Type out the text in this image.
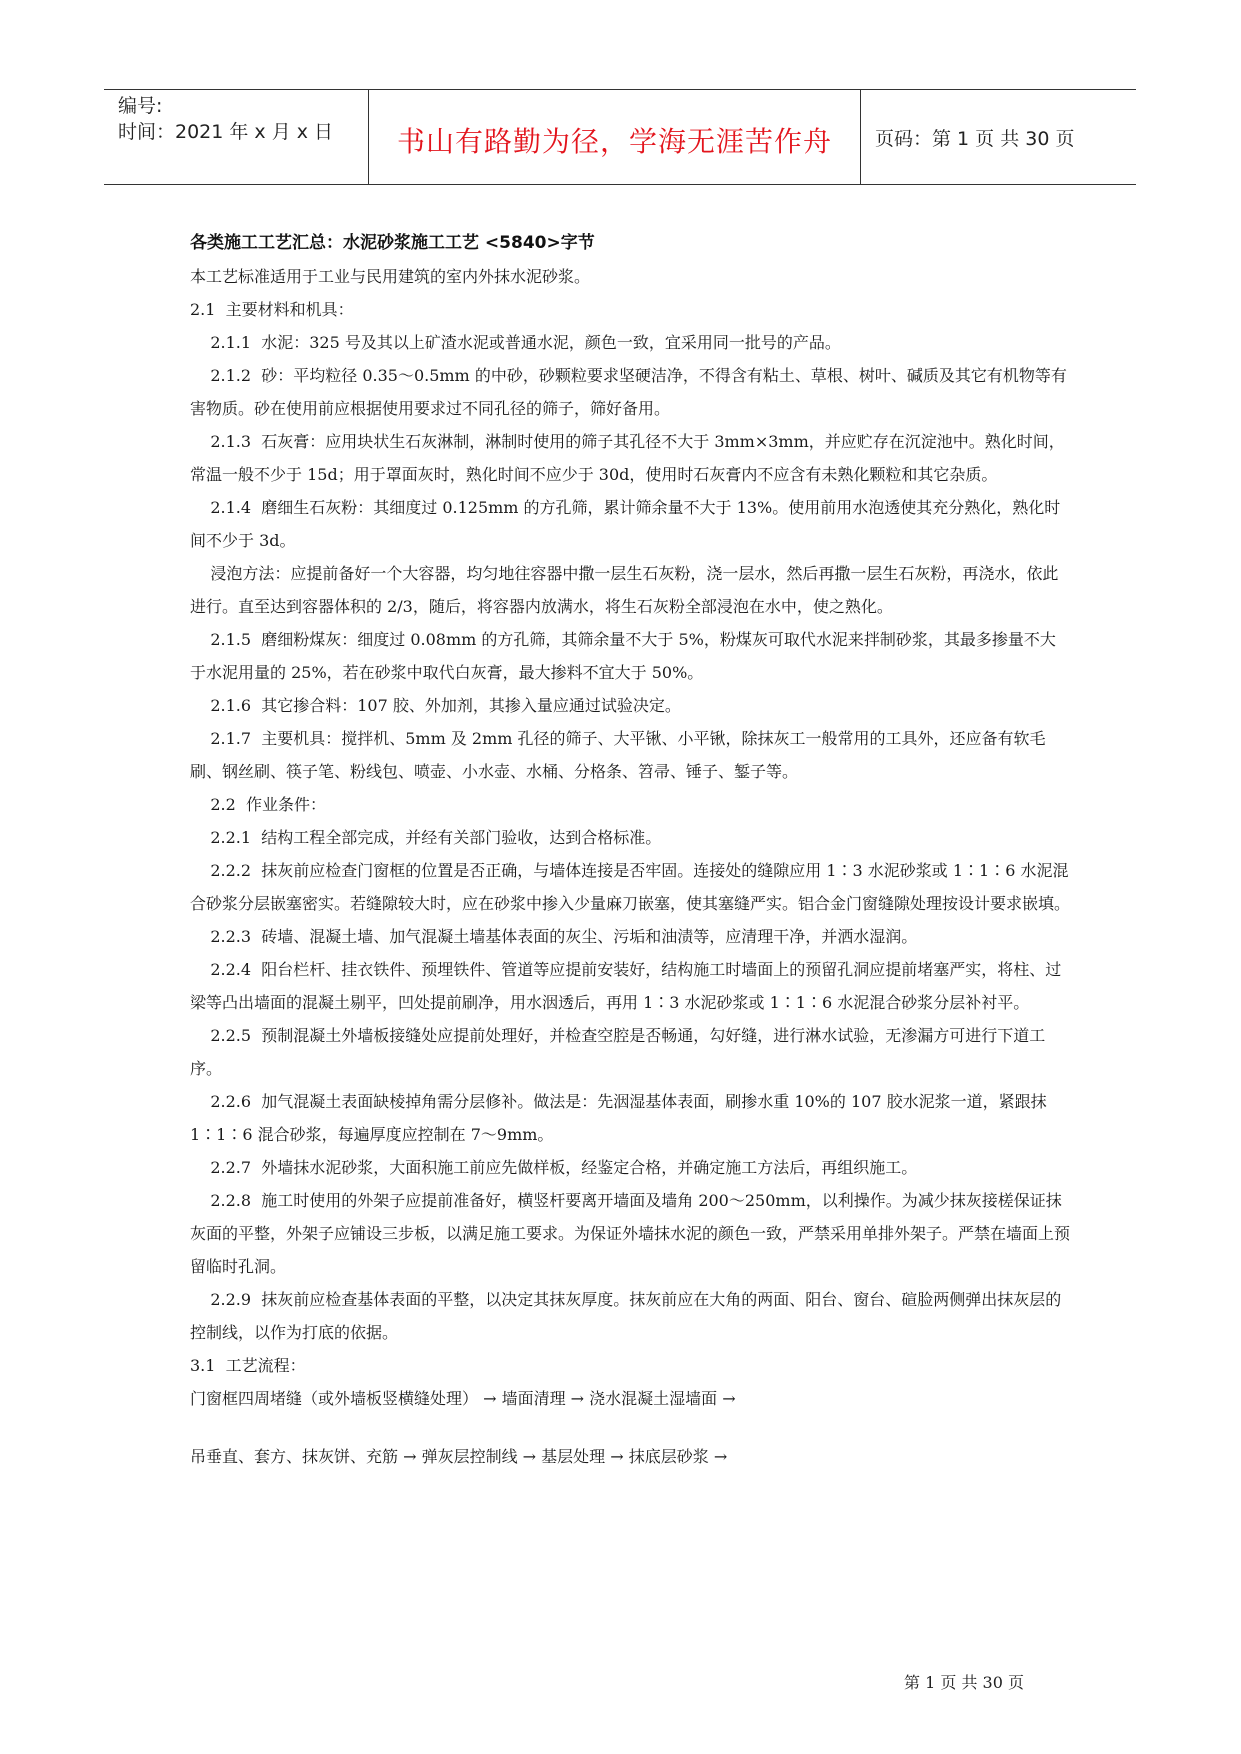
编号:
时间：2021 年 x 月 x 日	书山有路勤为径，学海无涯苦作舟	页码：第 1 页 共 30 页
各类施工工艺汇总：水泥砂浆施工工艺 <5840>字节

本工艺标准适用于工业与民用建筑的室内外抹水泥砂浆。

2.1  主要材料和机具：

2.1.1  水泥：325 号及其以上矿渣水泥或普通水泥，颜色一致，宜采用同一批号的产品。

2.1.2  砂：平均粒径 0.35～0.5mm 的中砂，砂颗粒要求坚硬洁净，不得含有粘土、草根、树叶、碱质及其它有机物等有害物质。砂在使用前应根据使用要求过不同孔径的筛子，筛好备用。

2.1.3  石灰膏：应用块状生石灰淋制，淋制时使用的筛子其孔径不大于 3mm×3mm，并应贮存在沉淀池中。熟化时间，常温一般不少于 15d；用于罩面灰时，熟化时间不应少于 30d，使用时石灰膏内不应含有未熟化颗粒和其它杂质。

2.1.4  磨细生石灰粉：其细度过 0.125mm 的方孔筛，累计筛余量不大于 13%。使用前用水泡透使其充分熟化，熟化时间不少于 3d。

浸泡方法：应提前备好一个大容器，均匀地往容器中撒一层生石灰粉，浇一层水，然后再撒一层生石灰粉，再浇水，依此进行。直至达到容器体积的 2/3，随后，将容器内放满水，将生石灰粉全部浸泡在水中，使之熟化。

2.1.5  磨细粉煤灰：细度过 0.08mm 的方孔筛，其筛余量不大于 5%，粉煤灰可取代水泥来拌制砂浆，其最多掺量不大于水泥用量的 25%，若在砂浆中取代白灰膏，最大掺料不宜大于 50%。

2.1.6  其它掺合料：107 胶、外加剂，其掺入量应通过试验决定。

2.1.7  主要机具：搅拌机、5mm 及 2mm 孔径的筛子、大平锹、小平锹，除抹灰工一般常用的工具外，还应备有软毛刷、钢丝刷、筷子笔、粉线包、喷壶、小水壶、水桶、分格条、笤帚、锤子、錾子等。

2.2  作业条件：

2.2.1  结构工程全部完成，并经有关部门验收，达到合格标准。

2.2.2  抹灰前应检查门窗框的位置是否正确，与墙体连接是否牢固。连接处的缝隙应用 1∶3 水泥砂浆或 1∶1∶6 水泥混合砂浆分层嵌塞密实。若缝隙较大时，应在砂浆中掺入少量麻刀嵌塞，使其塞缝严实。铝合金门窗缝隙处理按设计要求嵌填。

2.2.3  砖墙、混凝土墙、加气混凝土墙基体表面的灰尘、污垢和油渍等，应清理干净，并洒水湿润。

2.2.4  阳台栏杆、挂衣铁件、预埋铁件、管道等应提前安装好，结构施工时墙面上的预留孔洞应提前堵塞严实，将柱、过梁等凸出墙面的混凝土剔平，凹处提前刷净，用水洇透后，再用 1∶3 水泥砂浆或 1∶1∶6 水泥混合砂浆分层补衬平。

2.2.5  预制混凝土外墙板接缝处应提前处理好，并检查空腔是否畅通，勾好缝，进行淋水试验，无渗漏方可进行下道工序。

2.2.6  加气混凝土表面缺棱掉角需分层修补。做法是：先洇湿基体表面，刷掺水重 10%的 107 胶水泥浆一道，紧跟抹 1∶1∶6 混合砂浆，每遍厚度应控制在 7～9mm。

2.2.7  外墙抹水泥砂浆，大面积施工前应先做样板，经鉴定合格，并确定施工方法后，再组织施工。

2.2.8  施工时使用的外架子应提前准备好，横竖杆要离开墙面及墙角 200～250mm，以利操作。为减少抹灰接槎保证抹灰面的平整，外架子应铺设三步板，以满足施工要求。为保证外墙抹水泥的颜色一致，严禁采用单排外架子。严禁在墙面上预留临时孔洞。

2.2.9  抹灰前应检查基体表面的平整，以决定其抹灰厚度。抹灰前应在大角的两面、阳台、窗台、碹脸两侧弹出抹灰层的控制线，以作为打底的依据。

3.1  工艺流程：

门窗框四周堵缝（或外墙板竖横缝处理） → 墙面清理 → 浇水混凝土湿墙面 →
吊垂直、套方、抹灰饼、充筋 → 弹灰层控制线 → 基层处理 → 抹底层砂浆 →
第 1 页 共 30 页
